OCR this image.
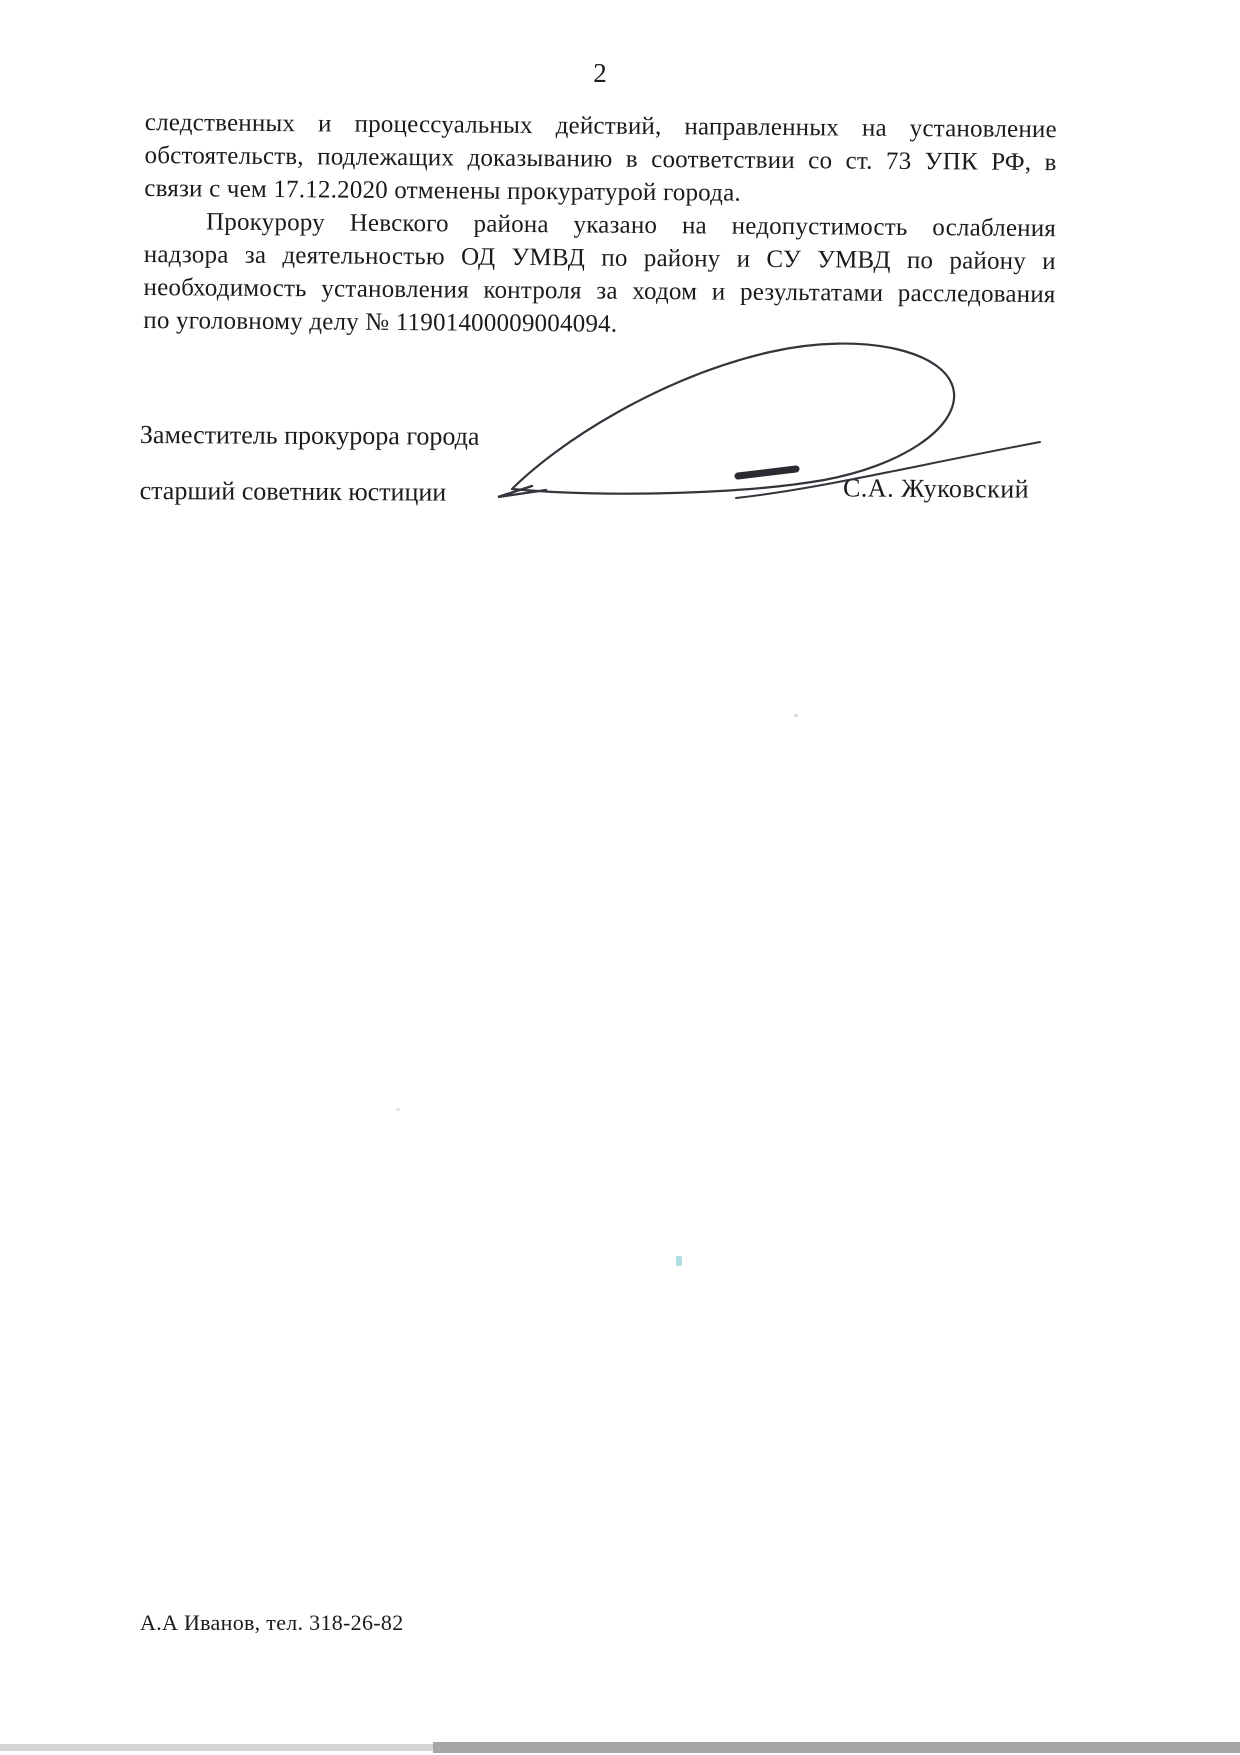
2
следственных и процессуальных действий, направленных на установление
обстоятельств, подлежащих доказыванию в соответствии со ст. 73 УПК РФ, в
связи с чем 17.12.2020 отменены прокуратурой города.
Прокурору Невского района указано на недопустимость ослабления
надзора за деятельностью ОД УМВД по району и СУ УМВД по району и
необходимость установления контроля за ходом и результатами расследования
по уголовному делу № 11901400009004094.
Заместитель прокурора города
старший советник юстиции	С.А. Жуковский
А.А Иванов, тел. 318-26-82
